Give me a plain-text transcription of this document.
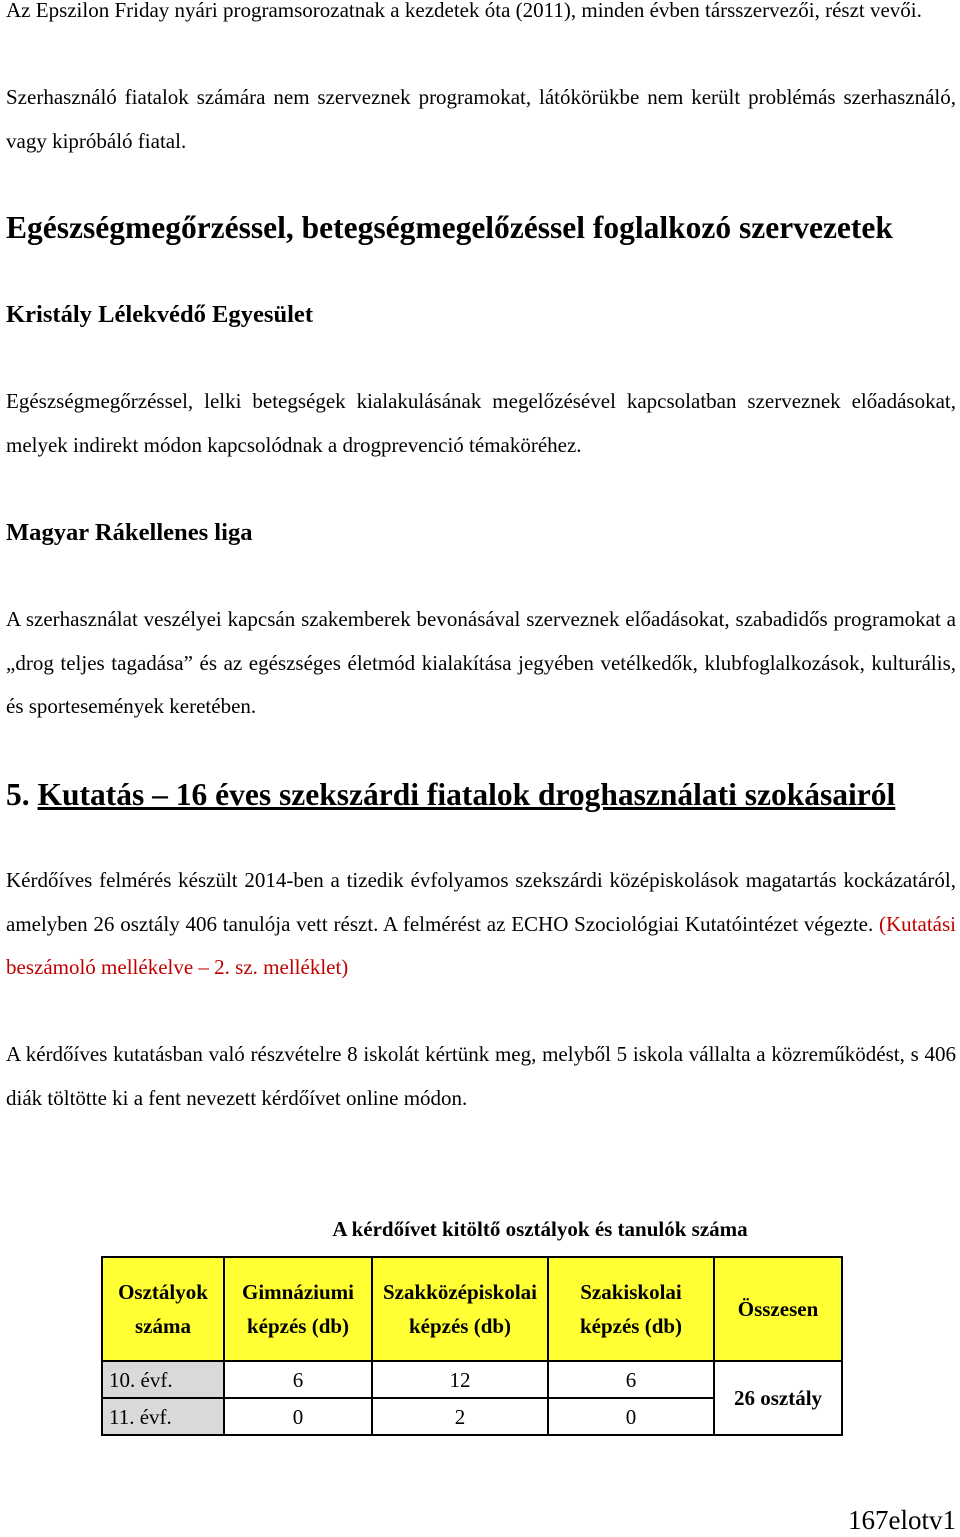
Az Epszilon Friday nyári programsorozatnak a kezdetek óta (2011), minden évben társszervezői, részt vevői.

Szerhasználó fiatalok számára nem szerveznek programokat, látókörükbe nem került problémás szerhasználó, vagy kipróbáló fiatal.

Egészségmegőrzéssel, betegségmegelőzéssel foglalkozó szervezetek
Kristály Lélekvédő Egyesület

Egészségmegőrzéssel, lelki betegségek kialakulásának megelőzésével kapcsolatban szerveznek előadásokat, melyek indirekt módon kapcsolódnak a drogprevenció témaköréhez.

Magyar Rákellenes liga

A szerhasználat veszélyei kapcsán szakemberek bevonásával szerveznek előadásokat, szabadidős programokat a „drog teljes tagadása” és az egészséges életmód kialakítása jegyében vetélkedők, klubfoglalkozások, kulturális, és sportesemények keretében.

5. Kutatás – 16 éves szekszárdi fiatalok droghasználati szokásairól

Kérdőíves felmérés készült 2014-ben a tizedik évfolyamos szekszárdi középiskolások magatartás kockázatáról, amelyben 26 osztály 406 tanulója vett részt. A felmérést az ECHO Szociológiai Kutatóintézet végezte. (Kutatási beszámoló mellékelve – 2. sz. melléklet)

A kérdőíves kutatásban való részvételre 8 iskolát kértünk meg, melyből 5 iskola vállalta a közreműködést, s 406 diák töltötte ki a fent nevezett kérdőívet online módon.

A kérdőívet kitöltő osztályok és tanulók száma
Osztályok száma	Gimnáziumi képzés (db)	Szakközépiskolai képzés (db)	Szakiskolai képzés (db)	Összesen
10. évf.	6	12	6	26 osztály
11. évf.	0	2	0	
167elotv1
